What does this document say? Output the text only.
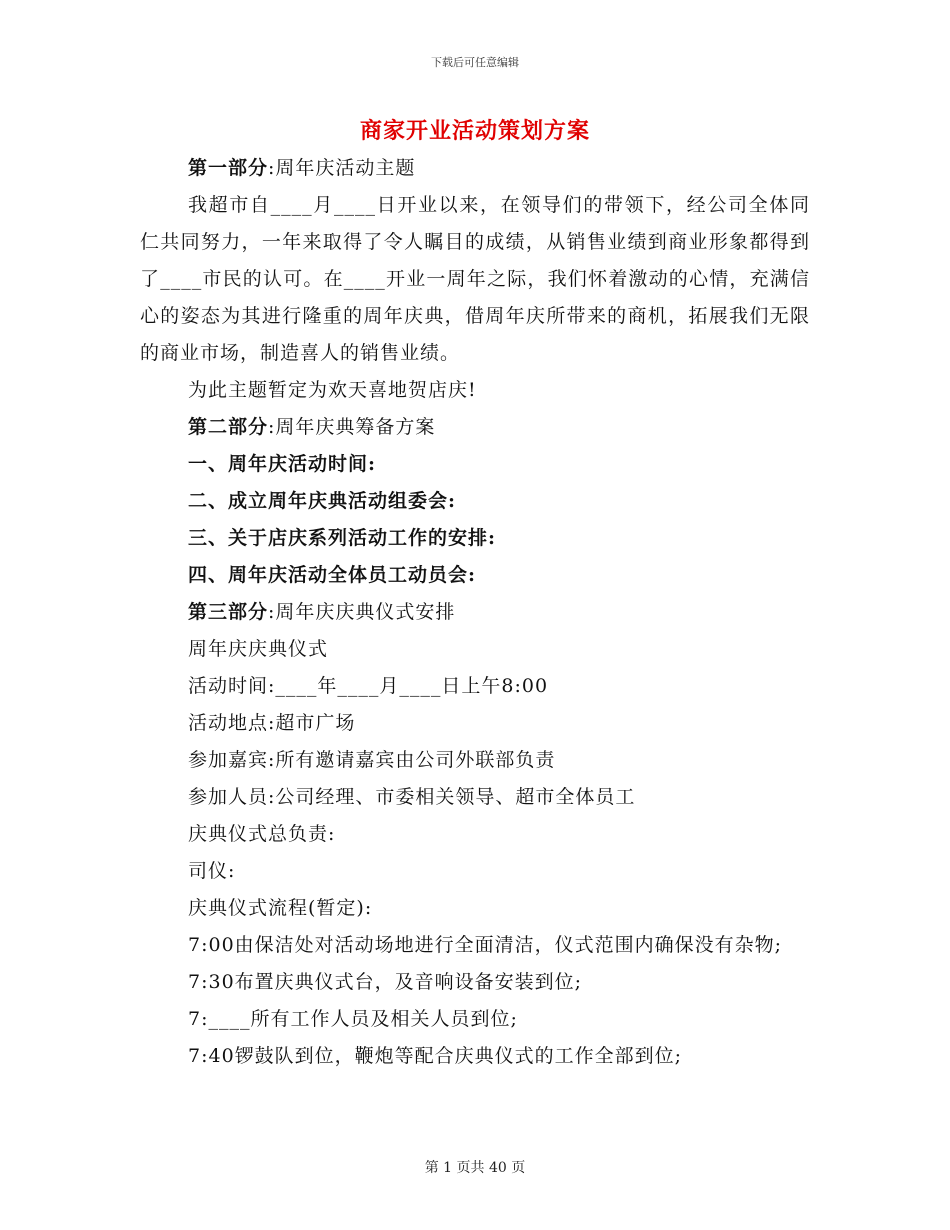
下载后可任意编辑
商家开业活动策划方案

第一部分:周年庆活动主题

我超市自____月____日开业以来，在领导们的带领下，经公司全体同仁共同努力，一年来取得了令人瞩目的成绩，从销售业绩到商业形象都得到了____市民的认可。在____开业一周年之际，我们怀着激动的心情，充满信心的姿态为其进行隆重的周年庆典，借周年庆所带来的商机，拓展我们无限的商业市场，制造喜人的销售业绩。

为此主题暂定为欢天喜地贺店庆!

第二部分:周年庆典筹备方案

一、周年庆活动时间:

二、成立周年庆典活动组委会:

三、关于店庆系列活动工作的安排:

四、周年庆活动全体员工动员会:

第三部分:周年庆庆典仪式安排

周年庆庆典仪式

活动时间:____年____月____日上午8:00

活动地点:超市广场

参加嘉宾:所有邀请嘉宾由公司外联部负责

参加人员:公司经理、市委相关领导、超市全体员工

庆典仪式总负责:

司仪:

庆典仪式流程(暂定):

7:00由保洁处对活动场地进行全面清洁，仪式范围内确保没有杂物;

7:30布置庆典仪式台，及音响设备安装到位;

7:____所有工作人员及相关人员到位;

7:40锣鼓队到位，鞭炮等配合庆典仪式的工作全部到位;

第 1 页共 40 页
